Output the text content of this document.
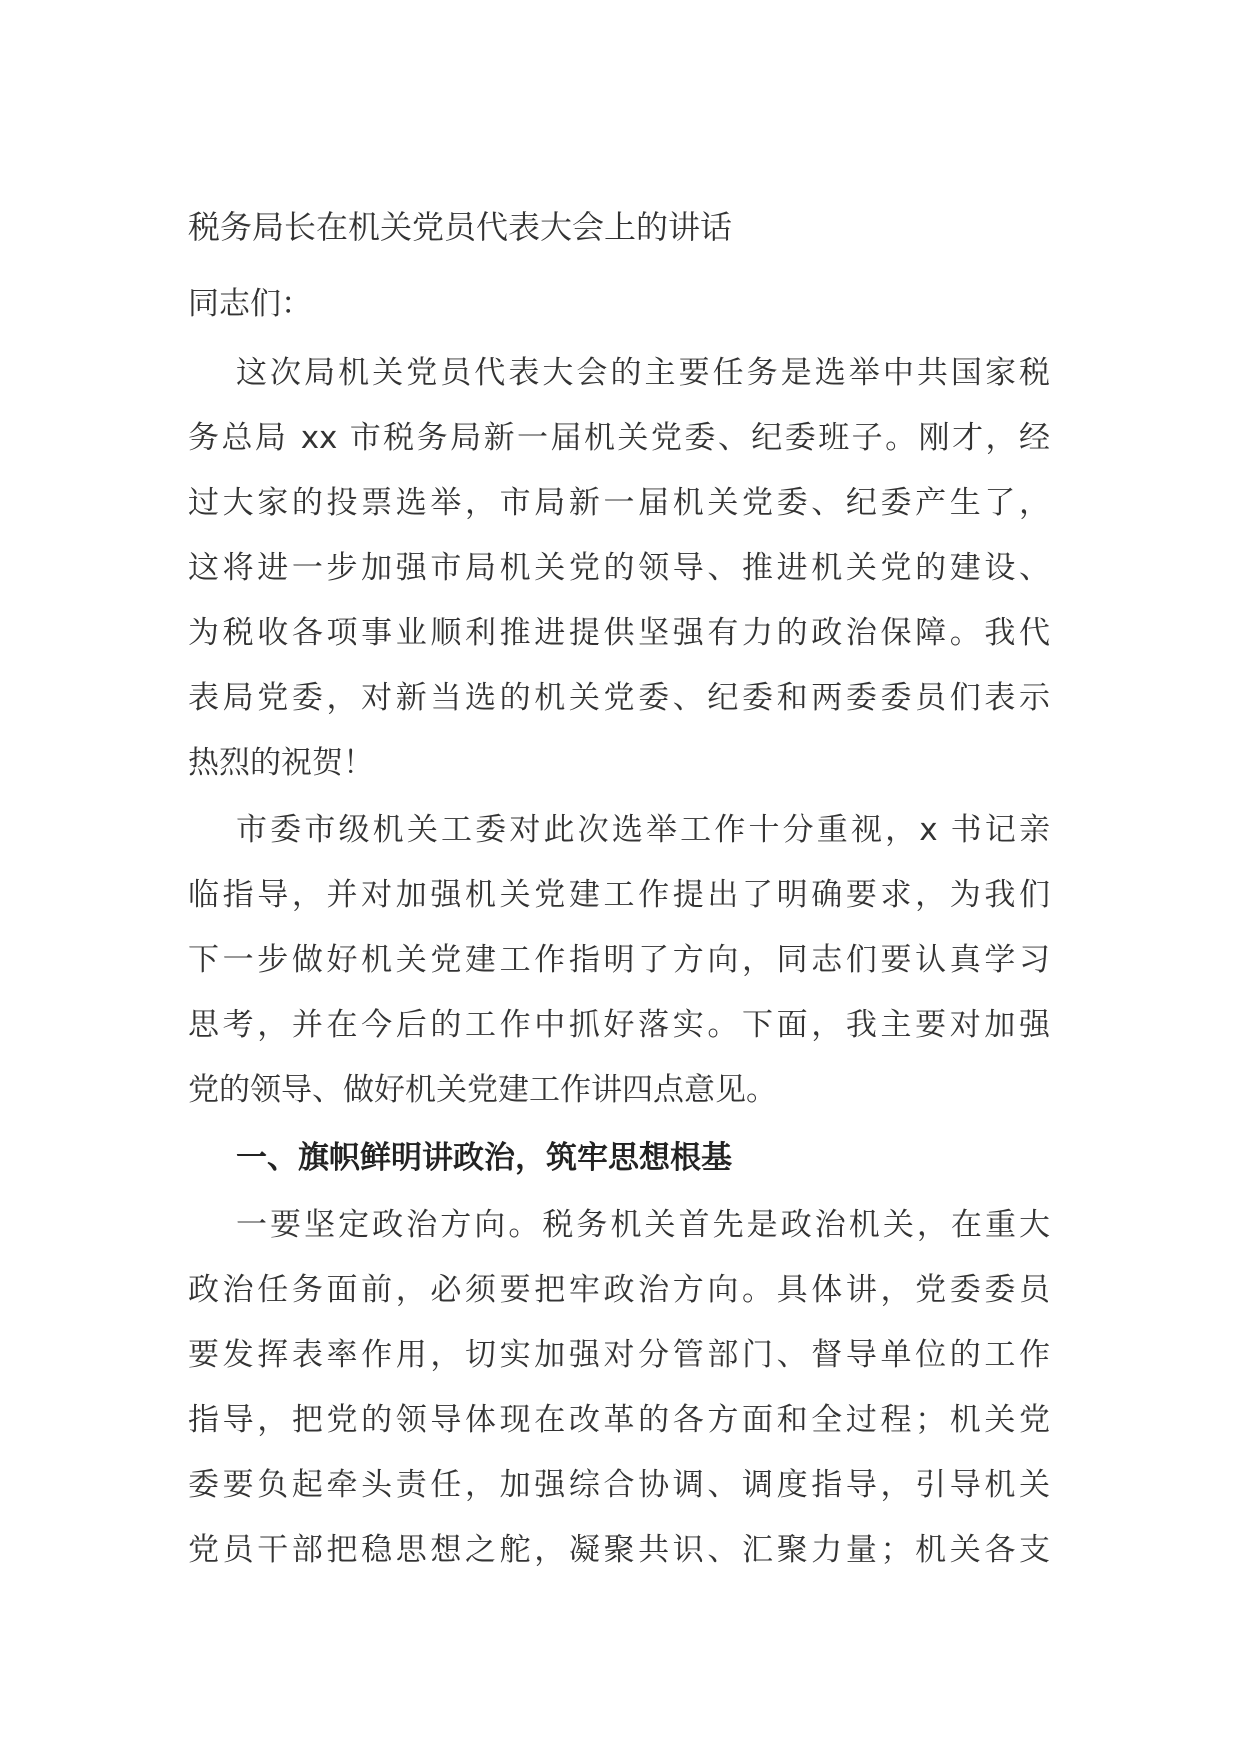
税务局长在机关党员代表大会上的讲话
同志们：
这次局机关党员代表大会的主要任务是选举中共国家税
务总局 xx 市税务局新一届机关党委、纪委班子。刚才，经
过大家的投票选举，市局新一届机关党委、纪委产生了，
这将进一步加强市局机关党的领导、推进机关党的建设、
为税收各项事业顺利推进提供坚强有力的政治保障。我代
表局党委，对新当选的机关党委、纪委和两委委员们表示
热烈的祝贺！
市委市级机关工委对此次选举工作十分重视，x 书记亲
临指导，并对加强机关党建工作提出了明确要求，为我们
下一步做好机关党建工作指明了方向，同志们要认真学习
思考，并在今后的工作中抓好落实。下面，我主要对加强
党的领导、做好机关党建工作讲四点意见。
一、旗帜鲜明讲政治，筑牢思想根基
一要坚定政治方向。税务机关首先是政治机关，在重大
政治任务面前，必须要把牢政治方向。具体讲，党委委员
要发挥表率作用，切实加强对分管部门、督导单位的工作
指导，把党的领导体现在改革的各方面和全过程；机关党
委要负起牵头责任，加强综合协调、调度指导，引导机关
党员干部把稳思想之舵，凝聚共识、汇聚力量；机关各支
